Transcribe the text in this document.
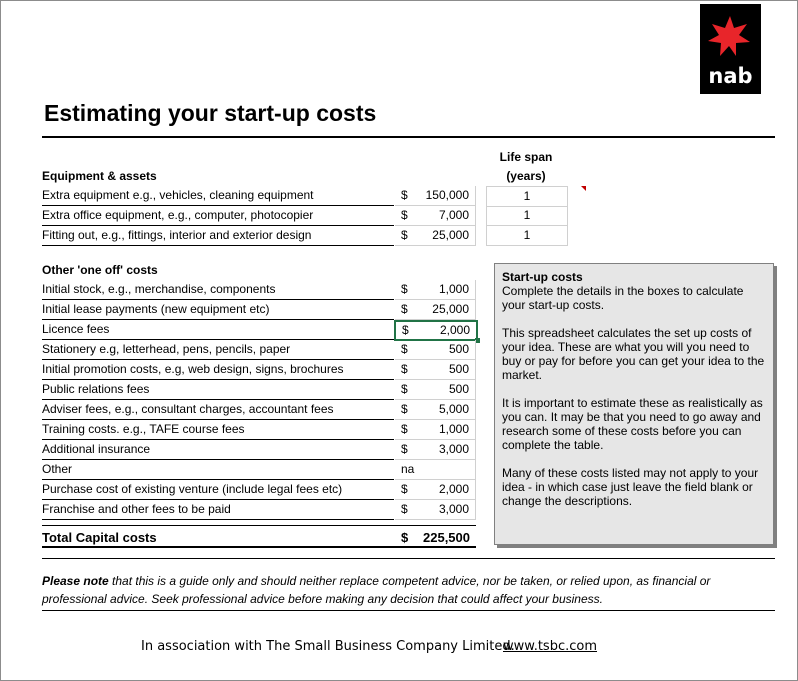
nab
Estimating your start-up costs
Life span
(years)
Equipment & assets
Extra equipment e.g., vehicles, cleaning equipment	$ 150,000	1
Extra office equipment, e.g., computer, photocopier	$	7,000	1
Fitting out, e.g., fittings, interior and exterior design	$ 25,000	1
Other 'one off' costs
Initial stock, e.g., merchandise, components	$	1,000
Initial lease payments (new equipment etc)	$ 25,000
Licence fees	$	2,000
Stationery e.g, letterhead, pens, pencils, paper	$	500
Initial promotion costs, e.g, web design, signs, brochures	$	500
Public relations fees	$	500
Adviser fees, e.g., consultant charges, accountant fees	$	5,000
Training costs. e.g., TAFE course fees	$	1,000
Additional insurance	$	3,000
Other	na
Purchase cost of existing venture (include legal fees etc)	$	2,000
Franchise and other fees to be paid	$	3,000
Total Capital costs	$	225,500

Start-up costs

Complete the details in the boxes to calculate your start-up costs.

This spreadsheet calculates the set up costs of your idea. These are what you will you need to buy or pay for before you can get your idea to the market.

It is important to estimate these as realistically as you can. It may be that you need to go away and research some of these costs before you can complete the table.

Many of these costs listed may not apply to your idea - in which case just leave the field blank or change the descriptions.

Please note that this is a guide only and should neither replace competent advice, nor be taken, or relied upon, as financial or professional advice. Seek professional advice before making any decision that could affect your business.
In association with The Small Business Company Limited.
www.tsbc.com
